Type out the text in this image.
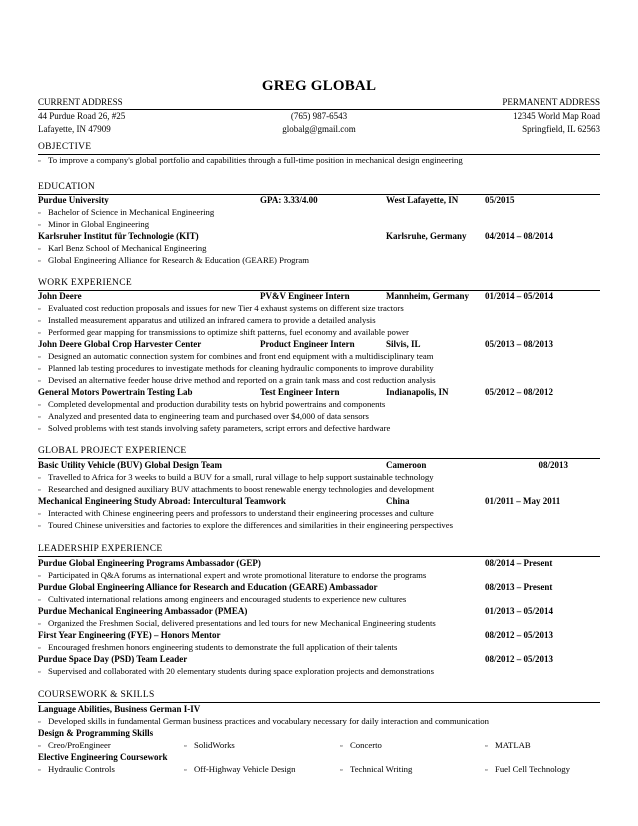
GREG GLOBAL
CURRENT ADDRESS	PERMANENT ADDRESS
44 Purdue Road 26, #25	(765) 987-6543	12345 World Map Road
Lafayette, IN 47909	globalg@gmail.com	Springfield, IL 62563
OBJECTIVE
▫ To improve a company's global portfolio and capabilities through a full-time position in mechanical design engineering
EDUCATION
Purdue University	GPA: 3.33/4.00	West Lafayette, IN	05/2015
▫ Bachelor of Science in Mechanical Engineering
▫ Minor in Global Engineering
Karlsruher Institut für Technologie (KIT)	Karlsruhe, Germany 04/2014 – 08/2014
▫ Karl Benz School of Mechanical Engineering
▫ Global Engineering Alliance for Research & Education (GEARE) Program
WORK EXPERIENCE
John Deere	PV&V Engineer Intern	Mannheim, Germany 01/2014 – 05/2014
▫ Evaluated cost reduction proposals and issues for new Tier 4 exhaust systems on different size tractors
▫ Installed measurement apparatus and utilized an infrared camera to provide a detailed analysis
▫ Performed gear mapping for transmissions to optimize shift patterns, fuel economy and available power
John Deere Global Crop Harvester Center	Product Engineer Intern	Silvis, IL	05/2013 – 08/2013
▫ Designed an automatic connection system for combines and front end equipment with a multidisciplinary team
▫ Planned lab testing procedures to investigate methods for cleaning hydraulic components to improve durability
▫ Devised an alternative feeder house drive method and reported on a grain tank mass and cost reduction analysis
General Motors Powertrain Testing Lab	Test Engineer Intern	Indianapolis, IN	05/2012 – 08/2012
▫ Completed developmental and production durability tests on hybrid powertrains and components
▫ Analyzed and presented data to engineering team and purchased over $4,000 of data sensors
▫ Solved problems with test stands involving safety parameters, script errors and defective hardware
GLOBAL PROJECT EXPERIENCE
Basic Utility Vehicle (BUV) Global Design Team	Cameroon	08/2013
▫ Travelled to Africa for 3 weeks to build a BUV for a small, rural village to help support sustainable technology
▫ Researched and designed auxiliary BUV attachments to boost renewable energy technologies and development
Mechanical Engineering Study Abroad: Intercultural Teamwork	China	01/2011 – May 2011
▫ Interacted with Chinese engineering peers and professors to understand their engineering processes and culture
▫ Toured Chinese universities and factories to explore the differences and similarities in their engineering perspectives
LEADERSHIP EXPERIENCE
Purdue Global Engineering Programs Ambassador (GEP)	08/2014 – Present
▫ Participated in Q&A forums as international expert and wrote promotional literature to endorse the programs
Purdue Global Engineering Alliance for Research and Education (GEARE) Ambassador	08/2013 – Present
▫ Cultivated international relations among engineers and encouraged students to experience new cultures
Purdue Mechanical Engineering Ambassador (PMEA)	01/2013 – 05/2014
▫ Organized the Freshmen Social, delivered presentations and led tours for new Mechanical Engineering students
First Year Engineering (FYE) – Honors Mentor	08/2012 – 05/2013
▫ Encouraged freshmen honors engineering students to demonstrate the full application of their talents
Purdue Space Day (PSD) Team Leader	08/2012 – 05/2013
▫ Supervised and collaborated with 20 elementary students during space exploration projects and demonstrations
COURSEWORK & SKILLS
Language Abilities, Business German I-IV
▫ Developed skills in fundamental German business practices and vocabulary necessary for daily interaction and communication
Design & Programming Skills
▫ Creo/ProEngineer	▫ SolidWorks	▫ Concerto	▫ MATLAB
Elective Engineering Coursework
▫ Hydraulic Controls	▫ Off-Highway Vehicle Design	▫ Technical Writing	▫ Fuel Cell Technology
